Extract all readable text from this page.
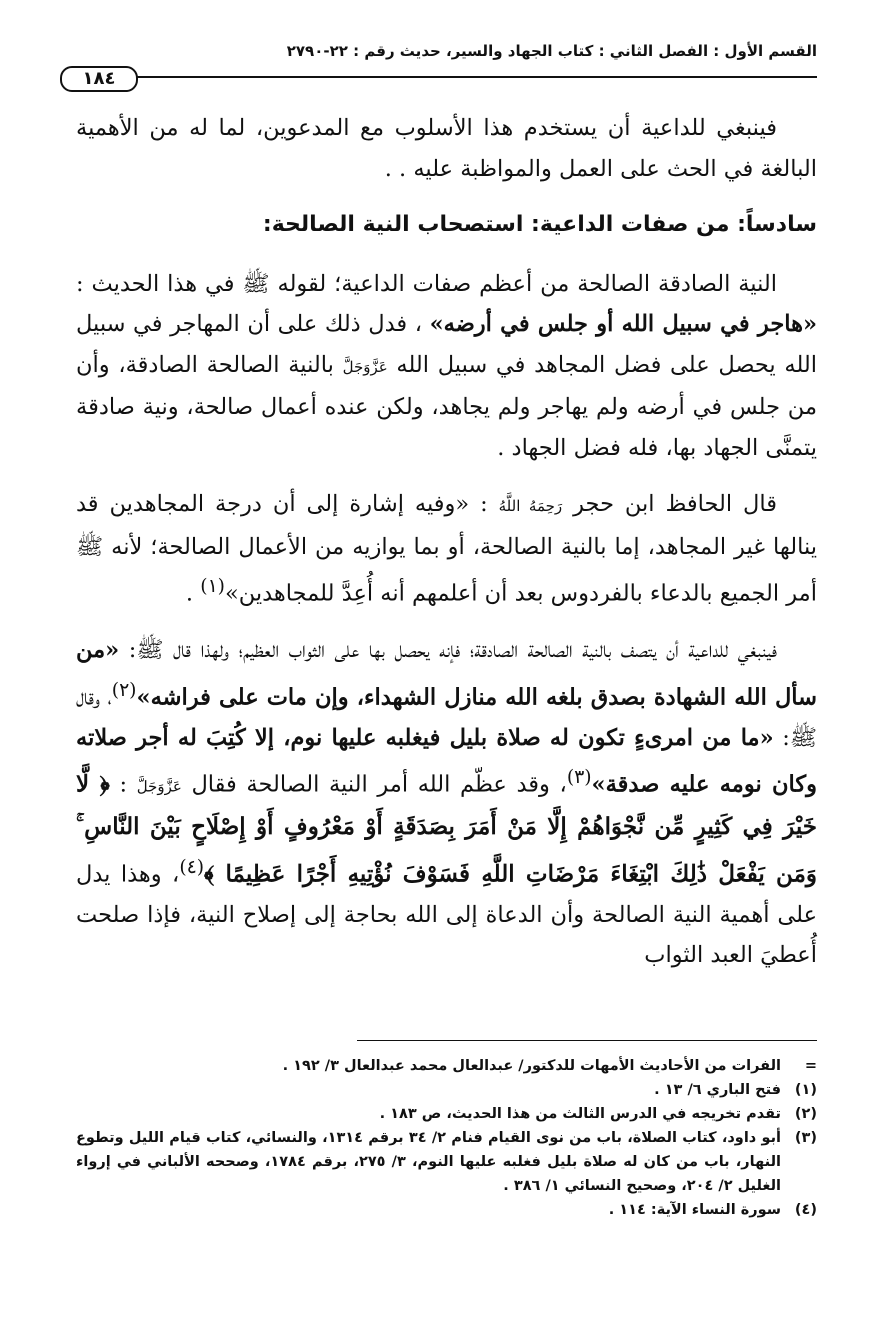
القسم الأول : الفصل الثاني : كتاب الجهاد والسير، حديث رقم : ٢٢-٢٧٩٠
١٨٤

فينبغي للداعية أن يستخدم هذا الأسلوب مع المدعوين، لما له من الأهمية البالغة في الحث على العمل والمواظبة عليه . .

سادساً: من صفات الداعية: استصحاب النية الصالحة:

النية الصادقة الصالحة من أعظم صفات الداعية؛ لقوله ﷺ في هذا الحديث : «هاجر في سبيل الله أو جلس في أرضه» ، فدل ذلك على أن المهاجر في سبيل الله يحصل على فضل المجاهد في سبيل الله عَزَّوَجَلَّ بالنية الصالحة الصادقة، وأن من جلس في أرضه ولم يهاجر ولم يجاهد، ولكن عنده أعمال صالحة، ونية صادقة يتمنَّى الجهاد بها، فله فضل الجهاد .

قال الحافظ ابن حجر رَحِمَهُ اللَّهُ : «وفيه إشارة إلى أن درجة المجاهدين قد ينالها غير المجاهد، إما بالنية الصالحة، أو بما يوازيه من الأعمال الصالحة؛ لأنه ﷺ أمر الجميع بالدعاء بالفردوس بعد أن أعلمهم أنه أُعِدَّ للمجاهدين»$^{(١)}$ .

فينبغي للداعية أن يتصف بالنية الصالحة الصادقة؛ فإنه يحصل بها على الثواب العظيم؛ ولهذا قال ﷺ: «من سأل الله الشهادة بصدق بلغه الله منازل الشهداء، وإن مات على فراشه»$^{(٢)}$، وقال ﷺ: «ما من امرىءٍ تكون له صلاة بليل فيغلبه عليها نوم، إلا كُتِبَ له أجر صلاته وكان نومه عليه صدقة»$^{(٣)}$، وقد عظّم الله أمر النية الصالحة فقال عَزَّوَجَلَّ : ﴿ لَّا خَيْرَ فِي كَثِيرٍ مِّن نَّجْوَاهُمْ إِلَّا مَنْ أَمَرَ بِصَدَقَةٍ أَوْ مَعْرُوفٍ أَوْ إِصْلَاحٍ بَيْنَ النَّاسِ ۚ وَمَن يَفْعَلْ ذَٰلِكَ ابْتِغَاءَ مَرْضَاتِ اللَّهِ فَسَوْفَ نُؤْتِيهِ أَجْرًا عَظِيمًا ﴾$^{(٤)}$، وهذا يدل على أهمية النية الصالحة وأن الدعاة إلى الله بحاجة إلى إصلاح النية، فإذا صلحت أُعطيَ العبد الثواب

=
الفرات من الأحاديث الأمهات للدكتور/ عبدالعال محمد عبدالعال ٣/ ١٩٢ .
(١)
فتح الباري ٦/ ١٣ .
(٢)
تقدم تخريجه في الدرس الثالث من هذا الحديث، ص ١٨٣ .
(٣)
أبو داود، كتاب الصلاة، باب من نوى القيام فنام ٢/ ٣٤ برقم ١٣١٤، والنسائي، كتاب قيام الليل وتطوع النهار، باب من كان له صلاة بليل فغلبه عليها النوم، ٣/ ٢٧٥، برقم ١٧٨٤، وصححه الألباني في إرواء الغليل ٢/ ٢٠٤، وصحيح النسائي ١/ ٣٨٦ .
(٤)
سورة النساء الآية: ١١٤ .
